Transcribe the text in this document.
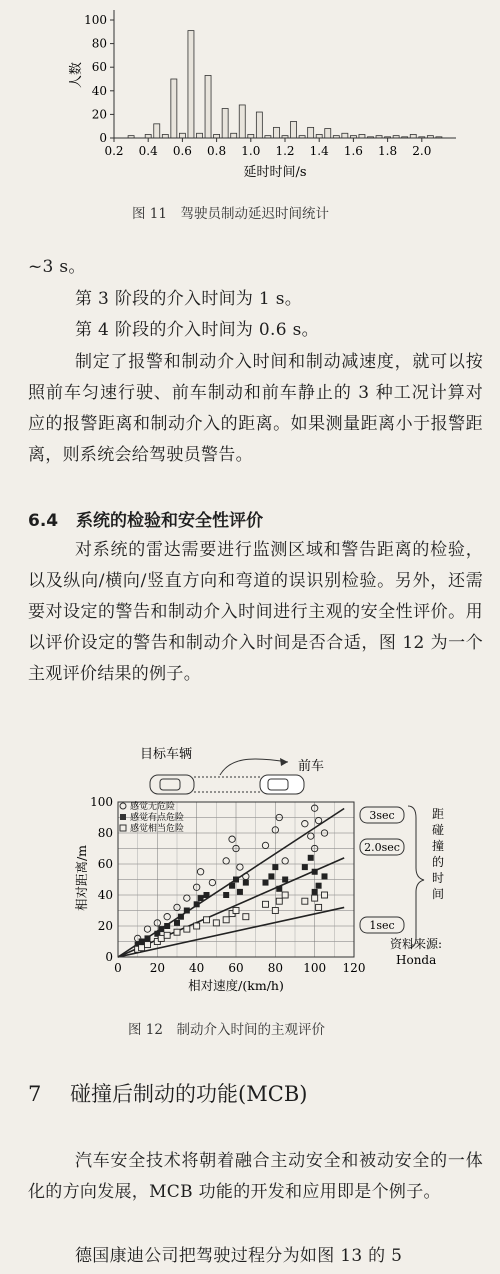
人数
0
20
40
60
80
100
0.2 0.4 0.6 0.8 1.0 1.2 1.4 1.6 1.8 2.0
延时时间/s
图 11　驾驶员制动延迟时间统计
~3 s。
第 3 阶段的介入时间为 1 s。
第 4 阶段的介入时间为 0.6 s。
制定了报警和制动介入时间和制动减速度，就可以按照前车匀速行驶、前车制动和前车静止的 3 种工况计算对应的报警距离和制动介入的距离。如果测量距离小于报警距离，则系统会给驾驶员警告。
6.4 系统的检验和安全性评价
对系统的雷达需要进行监测区域和警告距离的检验，以及纵向/横向/竖直方向和弯道的误识别检验。另外，还需要对设定的警告和制动介入时间进行主观的安全性评价。用以评价设定的警告和制动介入时间是否合适，图 12 为一个主观评价结果的例子。
目标车辆
前车
0
20
40
60
80
100
0 20 40 60 80 100 120
感觉无危险
感觉有点危险
感觉相当危险
3sec
2.0sec
1sec
距碰撞的时间
资料来源:
Honda
相对距离/m
相对速度/(km/h)
图 12　制动介入时间的主观评价
7 碰撞后制动的功能(MCB)
汽车安全技术将朝着融合主动安全和被动安全的一体化的方向发展，MCB 功能的开发和应用即是个例子。
德国康迪公司把驾驶过程分为如图 13 的 5
